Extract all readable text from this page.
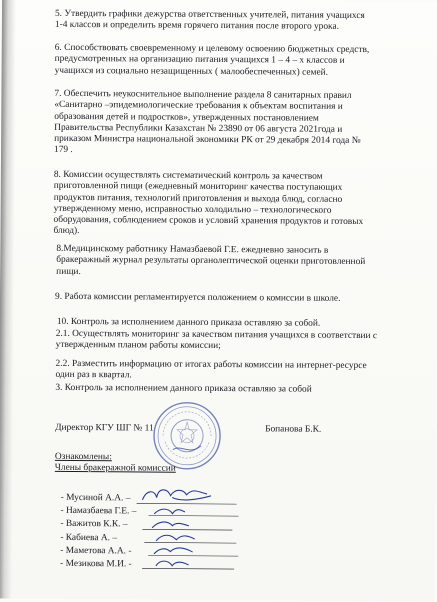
5. Утвердить графики дежурства ответственных учителей, питания учащихся
1-4 классов и определить время горячего питания после второго урока.
6. Способствовать своевременному и целевому освоению бюджетных средств,
предусмотренных на организацию питания учащихся 1 – 4 – х классов и
учащихся из социально незащищенных ( малообеспеченных) семей.
7. Обеспечить неукоснительное выполнение раздела 8 санитарных правил
«Санитарно –эпидемиологические требования к объектам воспитания и
образования детей и подростков», утвержденных постановлением
Правительства Республики Казахстан № 23890 от 06 августа 2021года и
приказом Министра национальной экономики РК от 29 декабря 2014 года №
179 .
8. Комиссии осуществлять систематический контроль за качеством
приготовленной пищи (ежедневный мониторинг качества поступающих
продуктов питания, технологий приготовления и выхода блюд, согласно
утвержденному меню, исправностью холодильно – технологического
оборудования, соблюдением сроков и условий хранения продуктов и готовых
блюд).
8.Медицинскому работнику Намазбаевой Г.Е. ежедневно заносить в
бракеражный журнал результаты органолептической оценки приготовленной
пищи.
9. Работа комиссии регламентируется положением о комиссии в школе.
10. Контроль за исполнением данного приказа оставляю за собой.
2.1. Осуществлять мониторинг за качеством питания учащихся в соответствии с
утвержденным планом работы комиссии;
2.2. Разместить информацию от итогах работы комиссии на интернет-ресурсе
один раз в квартал.
3. Контроль за исполнением данного приказа оставляю за собой
Директор КГУ ШГ № 11	Бопанова Б.К.
Ознакомлены:
Члены бракеражной комиссии
- Мусиной А.А. –
- Намазбаева Г.Е. –
- Важитов К.К. –
- Кабиева А. –
- Маметова А.А. -
- Мезикова М.И. -
